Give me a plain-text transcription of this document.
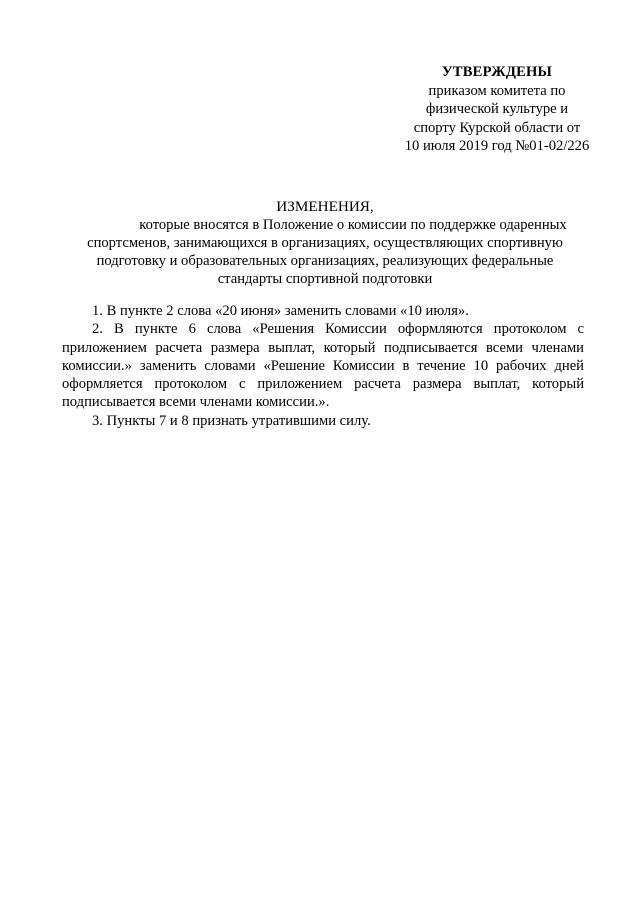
УТВЕРЖДЕНЫ
приказом комитета по
физической культуре и
спорту Курской области от
10 июля 2019 год №01-02/226
ИЗМЕНЕНИЯ,
которые вносятся в Положение о комиссии по поддержке одаренных
спортсменов, занимающихся в организациях, осуществляющих спортивную
подготовку и образовательных организациях, реализующих федеральные
стандарты спортивной подготовки

1. В пункте 2 слова «20 июня» заменить словами «10 июля».

2. В пункте 6 слова «Решения Комиссии оформляются протоколом с
приложением расчета размера выплат, который подписывается всеми членами
комиссии.» заменить словами «Решение Комиссии в течение 10 рабочих дней
оформляется протоколом с приложением расчета размера выплат, который
подписывается всеми членами комиссии.».

3. Пункты 7 и 8 признать утратившими силу.
